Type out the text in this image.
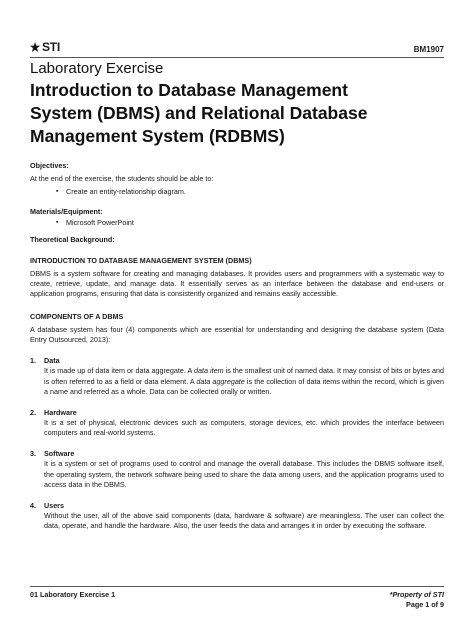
STI	BM1907
Laboratory Exercise
Introduction to Database Management
System (DBMS) and Relational Database
Management System (RDBMS)
Objectives:

At the end of the exercise, the students should be able to:

▪ Create an entity-relationship diagram.
Materials/Equipment:
▪ Microsoft PowerPoint
Theoretical Background:
INTRODUCTION TO DATABASE MANAGEMENT SYSTEM (DBMS)

DBMS is a system software for creating and managing databases. It provides users and programmers with a systematic way to create, retrieve, update, and manage data. It essentially serves as an interface between the database and end-users or application programs, ensuring that data is consistently organized and remains easily accessible.

COMPONENTS OF A DBMS

A database system has four (4) components which are essential for understanding and designing the database system (Data Entry Outsourced, 2013):

1.	Data

It is made up of data item or data aggregate. A data item is the smallest unit of named data. It may consist of bits or bytes and is often referred to as a field or data element. A data aggregate is the collection of data items within the record, which is given a name and referred as a whole. Data can be collected orally or written.

2.	Hardware

It is a set of physical, electronic devices such as computers, storage devices, etc. which provides the interface between computers and real-world systems.

3.	Software

It is a system or set of programs used to control and manage the overall database. This includes the DBMS software itself, the operating system, the network software being used to share the data among users, and the application programs used to access data in the DBMS.

4.	Users

Without the user, all of the above said components (data, hardware & software) are meaningless. The user can collect the data, operate, and handle the hardware. Also, the user feeds the data and arranges it in order by executing the software.

01 Laboratory Exercise 1	*Property of STI
Page 1 of 9
